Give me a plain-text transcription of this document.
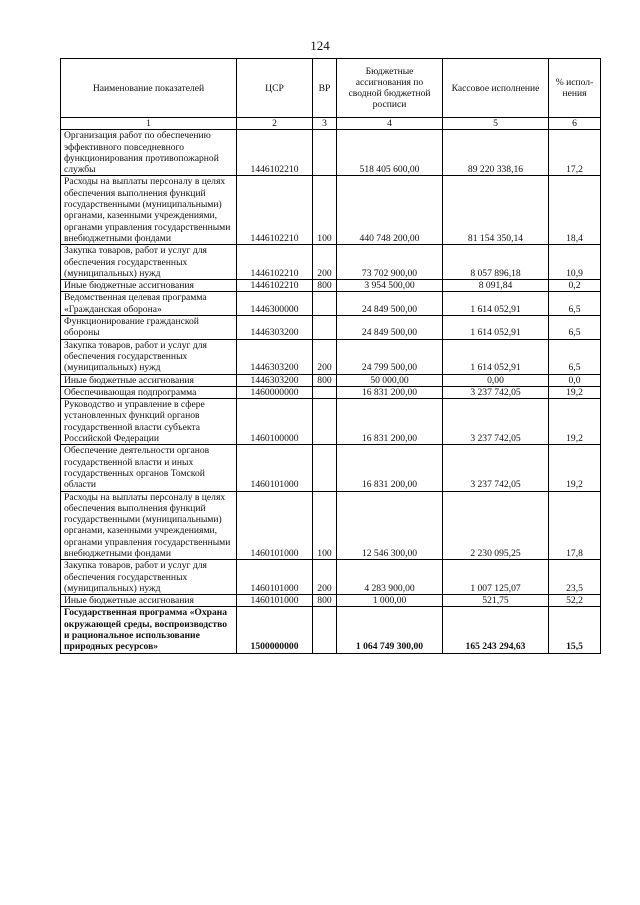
124
Наименование показателей	ЦСР	ВР	Бюджетные ассигнования по сводной бюджетной росписи	Кассовое исполнение	% испол-нения
1	2	3	4	5	6
Организация работ по обеспечению эффективного повседневного функционирования противопожарной службы	1446102210		518 405 600,00	89 220 338,16	17,2
Расходы на выплаты персоналу в целях обеспечения выполнения функций государственными (муниципальными) органами, казенными учреждениями, органами управления государственными внебюджетными фондами	1446102210	100	440 748 200,00	81 154 350,14	18,4
Закупка товаров, работ и услуг для обеспечения государственных (муниципальных) нужд	1446102210	200	73 702 900,00	8 057 896,18	10,9
Иные бюджетные ассигнования	1446102210	800	3 954 500,00	8 091,84	0,2
Ведомственная целевая программа «Гражданская оборона»	1446300000		24 849 500,00	1 614 052,91	6,5
Функционирование гражданской обороны	1446303200		24 849 500,00	1 614 052,91	6,5
Закупка товаров, работ и услуг для обеспечения государственных (муниципальных) нужд	1446303200	200	24 799 500,00	1 614 052,91	6,5
Иные бюджетные ассигнования	1446303200	800	50 000,00	0,00	0,0
Обеспечивающая подпрограмма	1460000000		16 831 200,00	3 237 742,05	19,2
Руководство и управление в сфере установленных функций органов государственной власти субъекта Российской Федерации	1460100000		16 831 200,00	3 237 742,05	19,2
Обеспечение деятельности органов государственной власти и иных государственных органов Томской области	1460101000		16 831 200,00	3 237 742,05	19,2
Расходы на выплаты персоналу в целях обеспечения выполнения функций государственными (муниципальными) органами, казенными учреждениями, органами управления государственными внебюджетными фондами	1460101000	100	12 546 300,00	2 230 095,25	17,8
Закупка товаров, работ и услуг для обеспечения государственных (муниципальных) нужд	1460101000	200	4 283 900,00	1 007 125,07	23,5
Иные бюджетные ассигнования	1460101000	800	1 000,00	521,75	52,2
Государственная программа «Охрана окружающей среды, воспроизводство и рациональное использование природных ресурсов»	1500000000		1 064 749 300,00	165 243 294,63	15,5
